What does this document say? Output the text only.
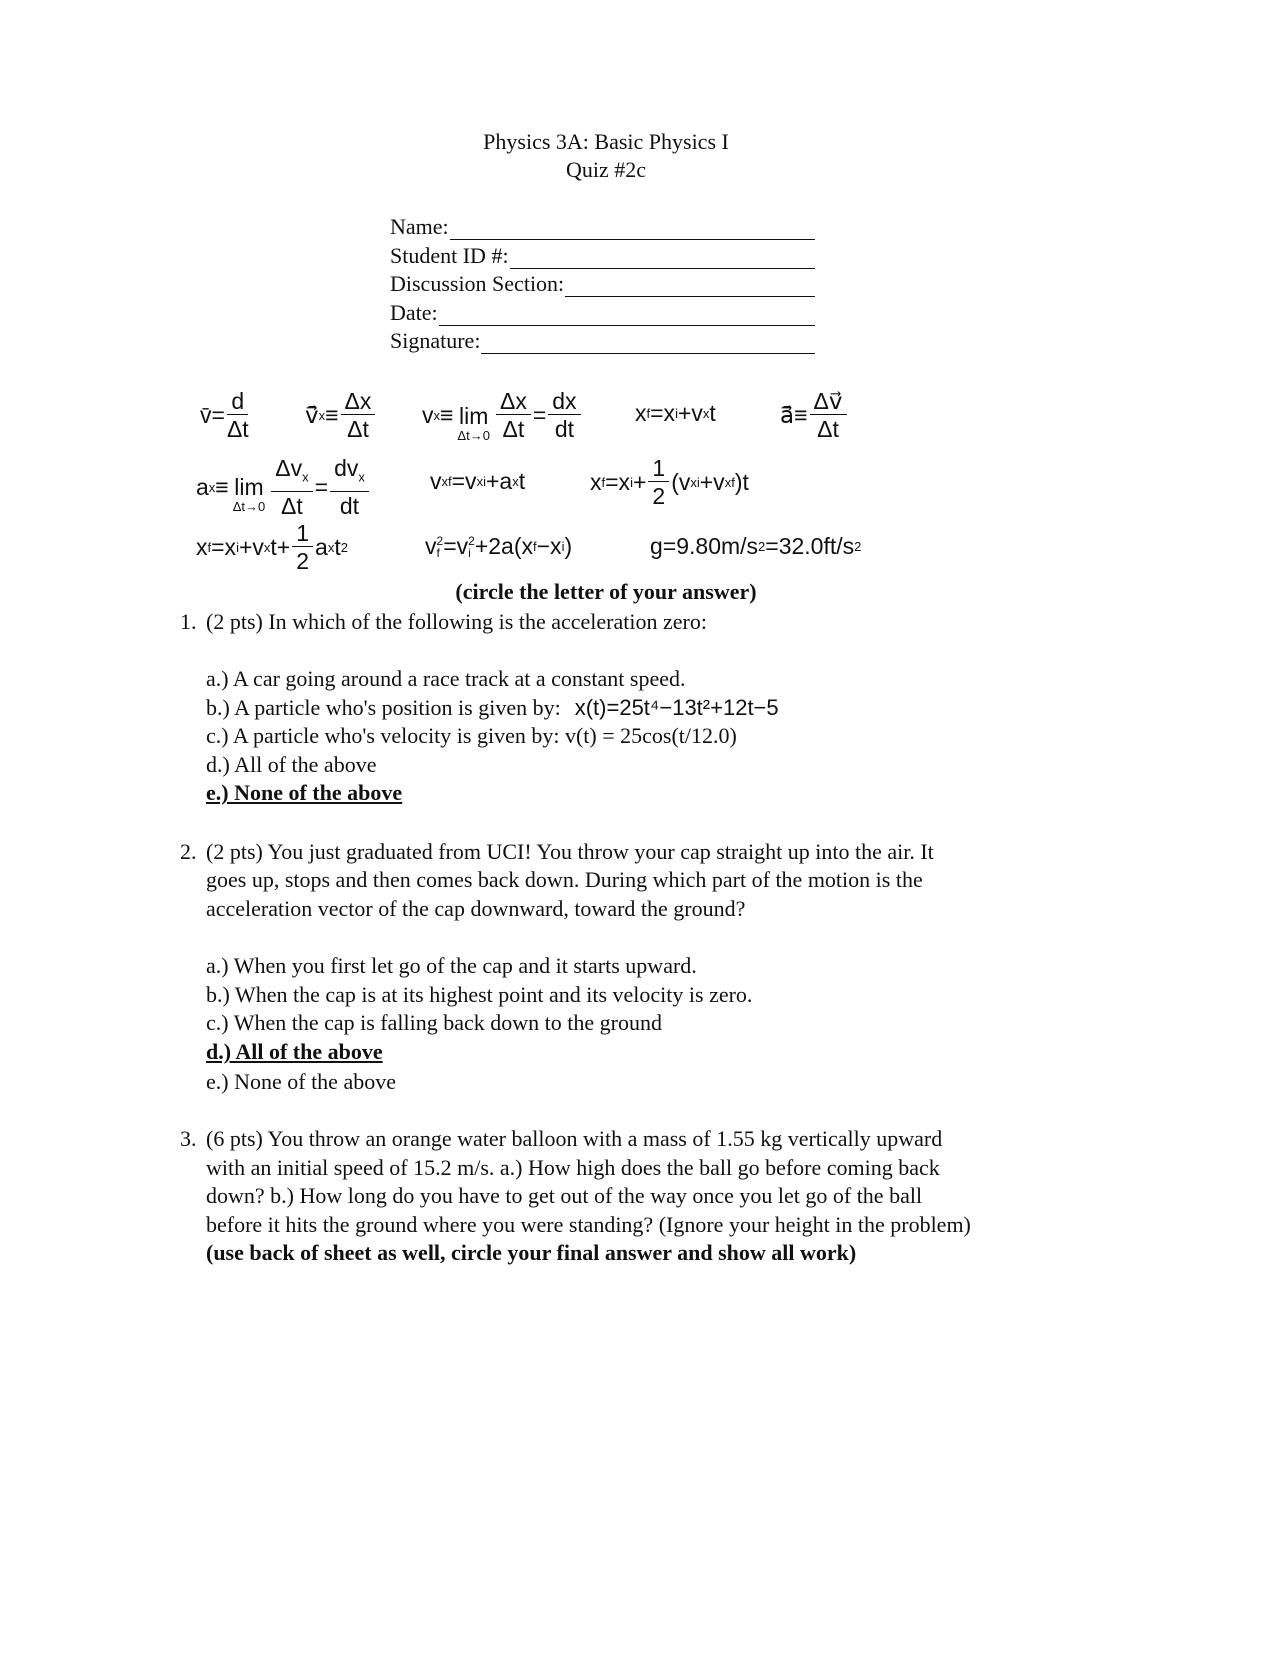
Physics 3A: Basic Physics I
Quiz #2c
Name:
Student ID #:
Discussion Section:
Date:
Signature:
v̄= $\frac{d}{\Delta t}$ v⃗̄ $x \equiv \frac{\Delta x}{\Delta t}$ v x ≡ lim
$\Delta t\to 0 \frac{\Delta x}{\Delta t} = \frac{dx}{dt}$ x f =x i +v x t	a⃗̄≡ $\frac{\Delta v⃗}{\Delta t}$
a x ≡ lim
$\Delta t\to 0 \frac{\Delta v_x}{\Delta t} = \frac{dv_x}{dt}$	v xf =v xi +a x t	x f =x $i + \frac{1}{2} (v$ xi +v xf )t
x f =x i +v x $t+ \frac{1}{2}$ a x t 2	v 2
f =v 2
i +2a(x f −x i )	g=9.80m/s 2 =32.0ft/s 2
(circle the letter of your answer)
1. (2 pts) In which of the following is the acceleration zero:
a.) A car going around a race track at a constant speed.
b.) A particle who's position is given by: x(t)=25t⁴−13t²+12t−5
c.) A particle who's velocity is given by: v(t) = 25cos(t/12.0)
d.) All of the above
e.) None of the above
2. (2 pts) You just graduated from UCI! You throw your cap straight up into the air. It
goes up, stops and then comes back down. During which part of the motion is the
acceleration vector of the cap downward, toward the ground?
a.) When you first let go of the cap and it starts upward.
b.) When the cap is at its highest point and its velocity is zero.
c.) When the cap is falling back down to the ground
d.) All of the above
e.) None of the above
3. (6 pts) You throw an orange water balloon with a mass of 1.55 kg vertically upward
with an initial speed of 15.2 m/s. a.) How high does the ball go before coming back
down? b.) How long do you have to get out of the way once you let go of the ball
before it hits the ground where you were standing? (Ignore your height in the problem)
(use back of sheet as well, circle your final answer and show all work)
